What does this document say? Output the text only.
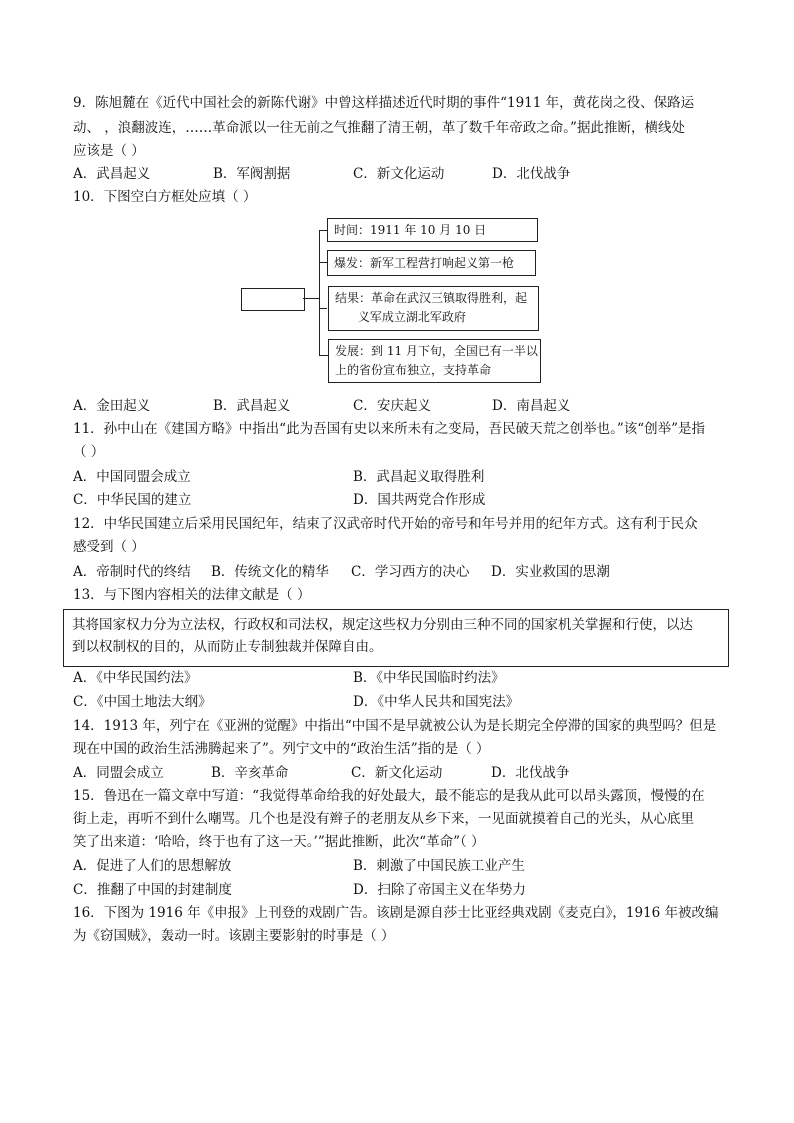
9．陈旭麓在《近代中国社会的新陈代谢》中曾这样描述近代时期的事件“1911 年，黄花岗之役、保路运
动、 ，浪翻波连，……革命派以一往无前之气推翻了清王朝，革了数千年帝政之命。”据此推断，横线处
应该是（ ）
A．武昌起义	B．军阀割据	C．新文化运动	D．北伐战争
10．下图空白方框处应填（ ）
时间：1911 年 10 月 10 日
爆发：新军工程营打响起义第一枪
结果：革命在武汉三镇取得胜利，起
义军成立湖北军政府
发展：到 11 月下旬，全国已有一半以
上的省份宣布独立，支持革命
A．金田起义	B．武昌起义	C．安庆起义	D．南昌起义
11．孙中山在《建国方略》中指出“此为吾国有史以来所未有之变局，吾民破天荒之创举也。”该“创举”是指
（ ）
A．中国同盟会成立	B．武昌起义取得胜利
C．中华民国的建立	D．国共两党合作形成
12．中华民国建立后采用民国纪年，结束了汉武帝时代开始的帝号和年号并用的纪年方式。这有利于民众
感受到（ ）
A．帝制时代的终结 B．传统文化的精华 C．学习西方的决心 D．实业救国的思潮
13．与下图内容相关的法律文献是（ ）
其将国家权力分为立法权，行政权和司法权，规定这些权力分别由三种不同的国家机关掌握和行使，以达
到以权制权的目的，从而防止专制独裁并保障自由。
A．《中华民国约法》	B．《中华民国临时约法》
C．《中国土地法大纲》	D．《中华人民共和国宪法》
14．1913 年，列宁在《亚洲的觉醒》中指出“中国不是早就被公认为是长期完全停滞的国家的典型吗？但是
现在中国的政治生活沸腾起来了”。列宁文中的“政治生活”指的是（ ）
A．同盟会成立	B．辛亥革命	C．新文化运动	D．北伐战争
15．鲁迅在一篇文章中写道：“我觉得革命给我的好处最大，最不能忘的是我从此可以昂头露顶，慢慢的在
街上走，再听不到什么嘲骂。几个也是没有辫子的老朋友从乡下来，一见面就摸着自己的光头，从心底里
笑了出来道：‘哈哈，终于也有了这一天。’”据此推断，此次“革命”（ ）
A．促进了人们的思想解放	B．刺激了中国民族工业产生
C．推翻了中国的封建制度	D．扫除了帝国主义在华势力
16．下图为 1916 年《申报》上刊登的戏剧广告。该剧是源自莎士比亚经典戏剧《麦克白》，1916 年被改编
为《窃国贼》，轰动一时。该剧主要影射的时事是（ ）
